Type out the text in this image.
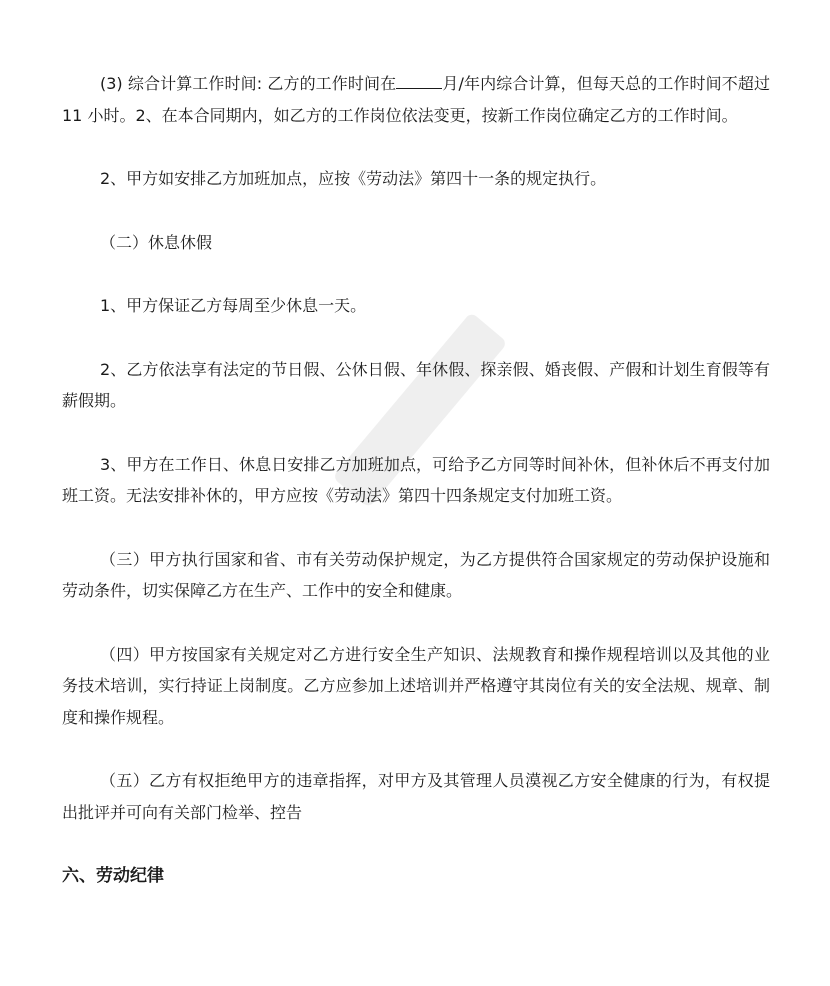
(3) 综合计算工作时间: 乙方的工作时间在	月/年内综合计算，但每天总的工作时间不超过11 小时。2、在本合同期内，如乙方的工作岗位依法变更，按新工作岗位确定乙方的工作时间。

2、甲方如安排乙方加班加点，应按《劳动法》第四十一条的规定执行。

（二）休息休假

1、甲方保证乙方每周至少休息一天。

2、乙方依法享有法定的节日假、公休日假、年休假、探亲假、婚丧假、产假和计划生育假等有薪假期。

3、甲方在工作日、休息日安排乙方加班加点，可给予乙方同等时间补休，但补休后不再支付加班工资。无法安排补休的，甲方应按《劳动法》第四十四条规定支付加班工资。

（三）甲方执行国家和省、市有关劳动保护规定，为乙方提供符合国家规定的劳动保护设施和劳动条件，切实保障乙方在生产、工作中的安全和健康。

（四）甲方按国家有关规定对乙方进行安全生产知识、法规教育和操作规程培训以及其他的业务技术培训，实行持证上岗制度。乙方应参加上述培训并严格遵守其岗位有关的安全法规、规章、制度和操作规程。

（五）乙方有权拒绝甲方的违章指挥，对甲方及其管理人员漠视乙方安全健康的行为，有权提出批评并可向有关部门检举、控告

六、劳动纪律
